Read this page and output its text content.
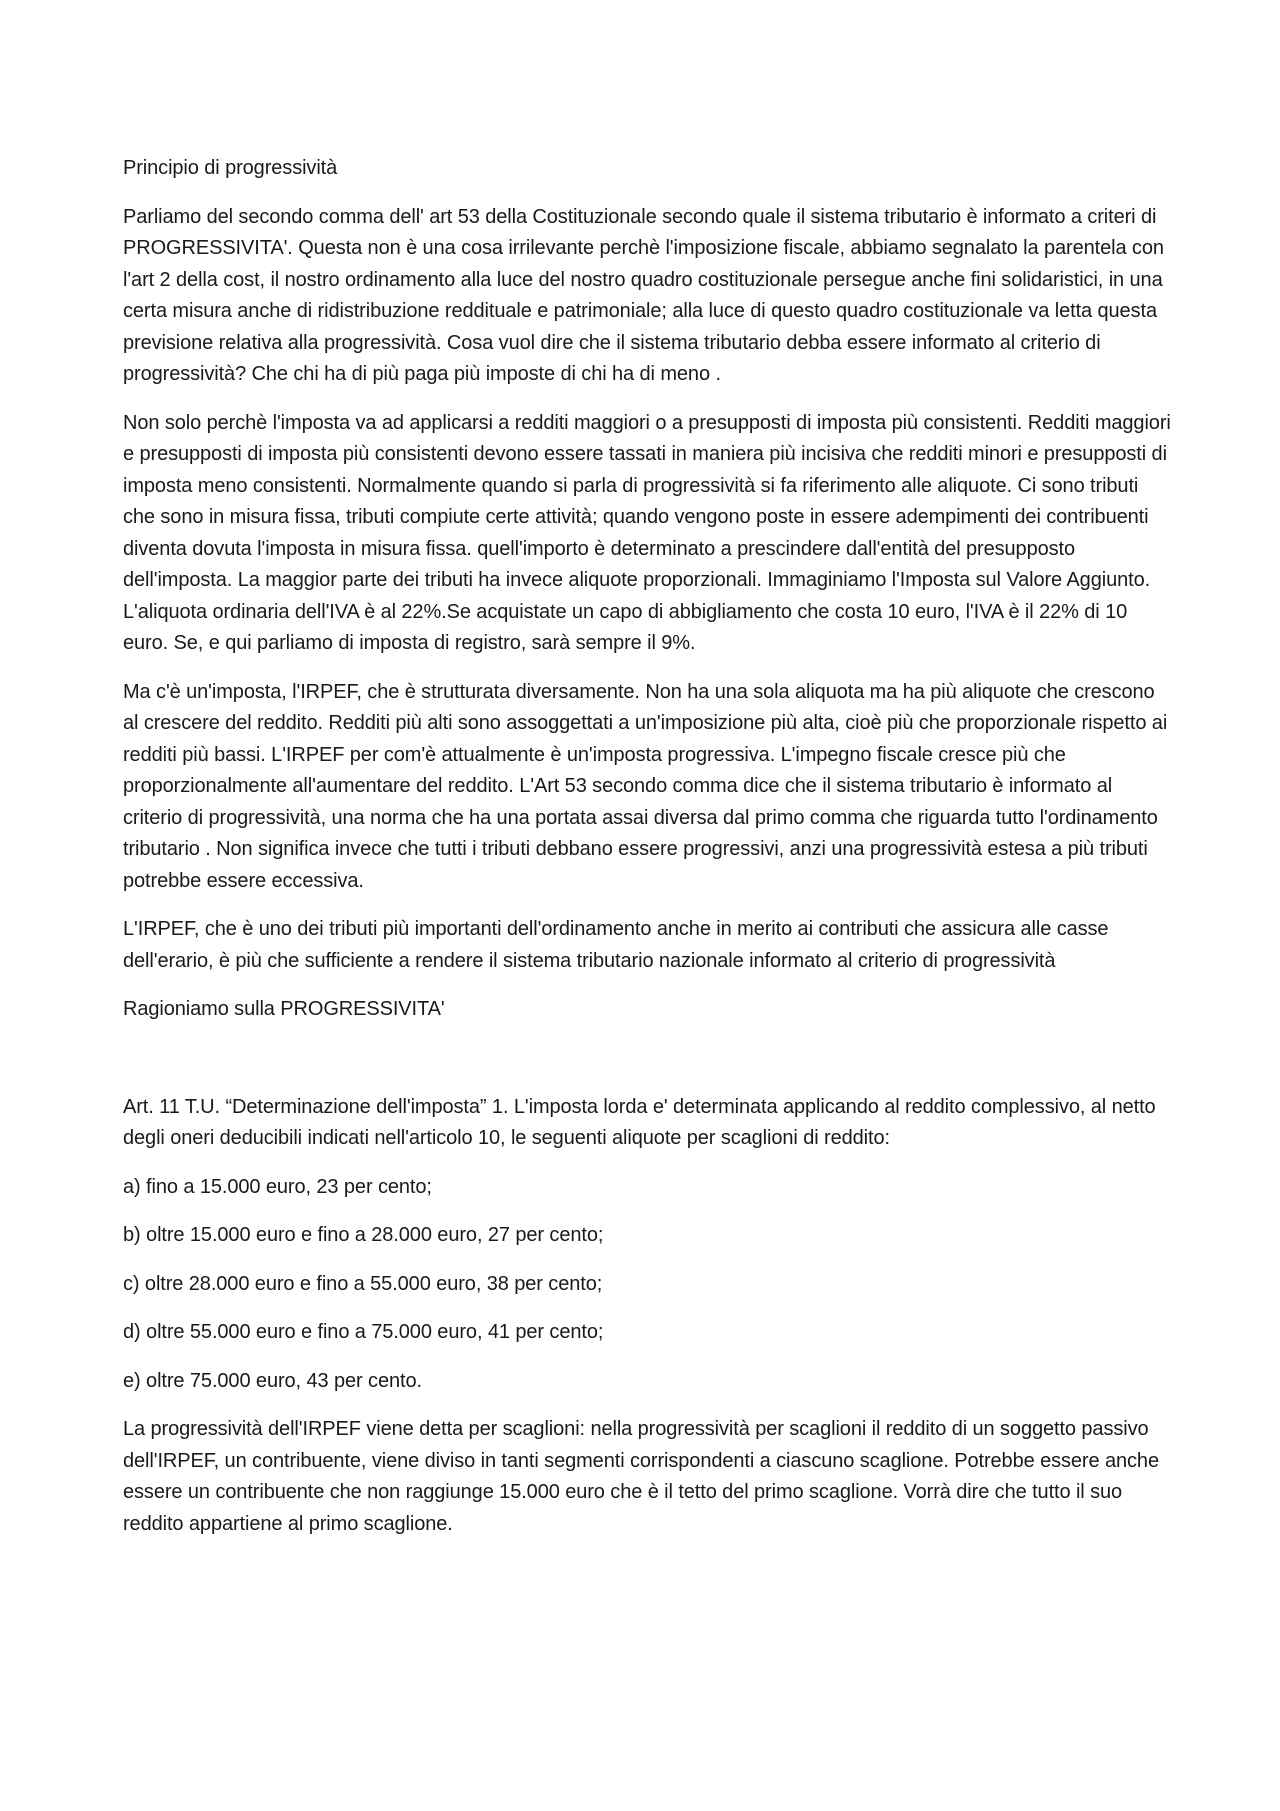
Principio di progressività

Parliamo del secondo comma dell' art 53 della Costituzionale secondo quale il sistema tributario è informato a criteri di PROGRESSIVITA'. Questa non è una cosa irrilevante perchè l'imposizione fiscale, abbiamo segnalato la parentela con l'art 2 della cost, il nostro ordinamento alla luce del nostro quadro costituzionale persegue anche fini solidaristici, in una certa misura anche di ridistribuzione reddituale e patrimoniale; alla luce di questo quadro costituzionale va letta questa previsione relativa alla progressività. Cosa vuol dire che il sistema tributario debba essere informato al criterio di progressività? Che chi ha di più paga più imposte di chi ha di meno .

Non solo perchè l'imposta va ad applicarsi a redditi maggiori o a presupposti di imposta più consistenti. Redditi maggiori e presupposti di imposta più consistenti devono essere tassati in maniera più incisiva che redditi minori e presupposti di imposta meno consistenti. Normalmente quando si parla di progressività si fa riferimento alle aliquote. Ci sono tributi che sono in misura fissa, tributi compiute certe attività; quando vengono poste in essere adempimenti dei contribuenti diventa dovuta l'imposta in misura fissa. quell'importo è determinato a prescindere dall'entità del presupposto dell'imposta. La maggior parte dei tributi ha invece aliquote proporzionali. Immaginiamo l'Imposta sul Valore Aggiunto. L'aliquota ordinaria dell'IVA è al 22%.Se acquistate un capo di abbigliamento che costa 10 euro, l'IVA è il 22% di 10 euro. Se, e qui parliamo di imposta di registro, sarà sempre il 9%.

Ma c'è un'imposta, l'IRPEF, che è strutturata diversamente. Non ha una sola aliquota ma ha più aliquote che crescono al crescere del reddito. Redditi più alti sono assoggettati a un'imposizione più alta, cioè più che proporzionale rispetto ai redditi più bassi. L'IRPEF per com'è attualmente è un'imposta progressiva. L'impegno fiscale cresce più che proporzionalmente all'aumentare del reddito. L'Art 53 secondo comma dice che il sistema tributario è informato al criterio di progressività, una norma che ha una portata assai diversa dal primo comma che riguarda tutto l'ordinamento tributario . Non significa invece che tutti i tributi debbano essere progressivi, anzi una progressività estesa a più tributi potrebbe essere eccessiva.

L'IRPEF, che è uno dei tributi più importanti dell'ordinamento anche in merito ai contributi che assicura alle casse dell'erario, è più che sufficiente a rendere il sistema tributario nazionale informato al criterio di progressività

Ragioniamo sulla PROGRESSIVITA'

Art. 11 T.U. “Determinazione dell'imposta” 1. L'imposta lorda e' determinata applicando al reddito complessivo, al netto degli oneri deducibili indicati nell'articolo 10, le seguenti aliquote per scaglioni di reddito:

a) fino a 15.000 euro, 23 per cento;

b) oltre 15.000 euro e fino a 28.000 euro, 27 per cento;

c) oltre 28.000 euro e fino a 55.000 euro, 38 per cento;

d) oltre 55.000 euro e fino a 75.000 euro, 41 per cento;

e) oltre 75.000 euro, 43 per cento.

La progressività dell'IRPEF viene detta per scaglioni: nella progressività per scaglioni il reddito di un soggetto passivo dell'IRPEF, un contribuente, viene diviso in tanti segmenti corrispondenti a ciascuno scaglione. Potrebbe essere anche essere un contribuente che non raggiunge 15.000 euro che è il tetto del primo scaglione. Vorrà dire che tutto il suo reddito appartiene al primo scaglione.
